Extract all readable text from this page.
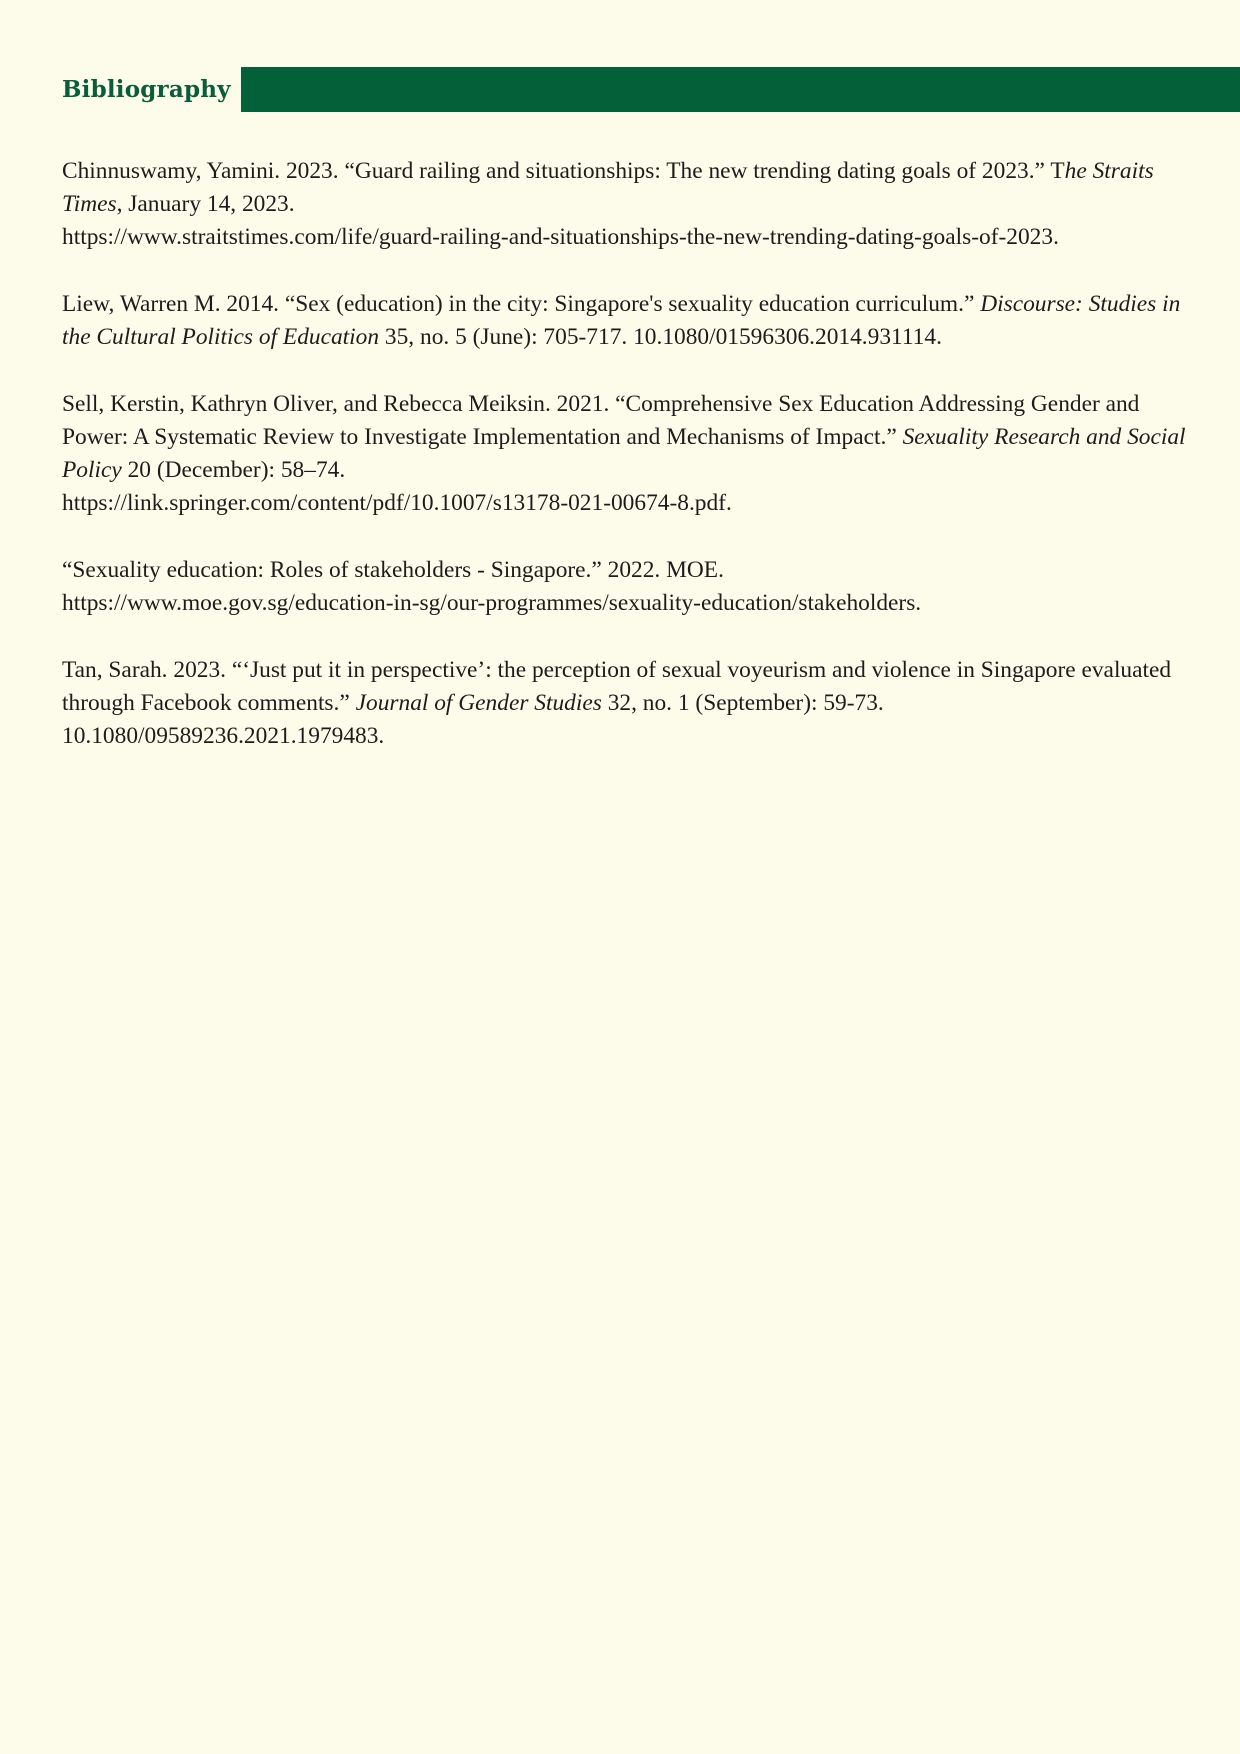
Bibliography

Chinnuswamy, Yamini. 2023. “Guard railing and situationships: The new trending dating goals of 2023.” The Straits Times, January 14, 2023.
https://www.straitstimes.com/life/guard-railing-and-situationships-the-new-trending-dating-goals-of-2023.

Liew, Warren M. 2014. “Sex (education) in the city: Singapore's sexuality education curriculum.” Discourse: Studies in the Cultural Politics of Education 35, no. 5 (June): 705-717. 10.1080/01596306.2014.931114.

Sell, Kerstin, Kathryn Oliver, and Rebecca Meiksin. 2021. “Comprehensive Sex Education Addressing Gender and Power: A Systematic Review to Investigate Implementation and Mechanisms of Impact.” Sexuality Research and Social Policy 20 (December): 58–74.
https://link.springer.com/content/pdf/10.1007/s13178-021-00674-8.pdf.

“Sexuality education: Roles of stakeholders - Singapore.” 2022. MOE.
https://www.moe.gov.sg/education-in-sg/our-programmes/sexuality-education/stakeholders.

Tan, Sarah. 2023. “‘Just put it in perspective’: the perception of sexual voyeurism and violence in Singapore evaluated through Facebook comments.” Journal of Gender Studies 32, no. 1 (September): 59-73. 10.1080/09589236.2021.1979483.
